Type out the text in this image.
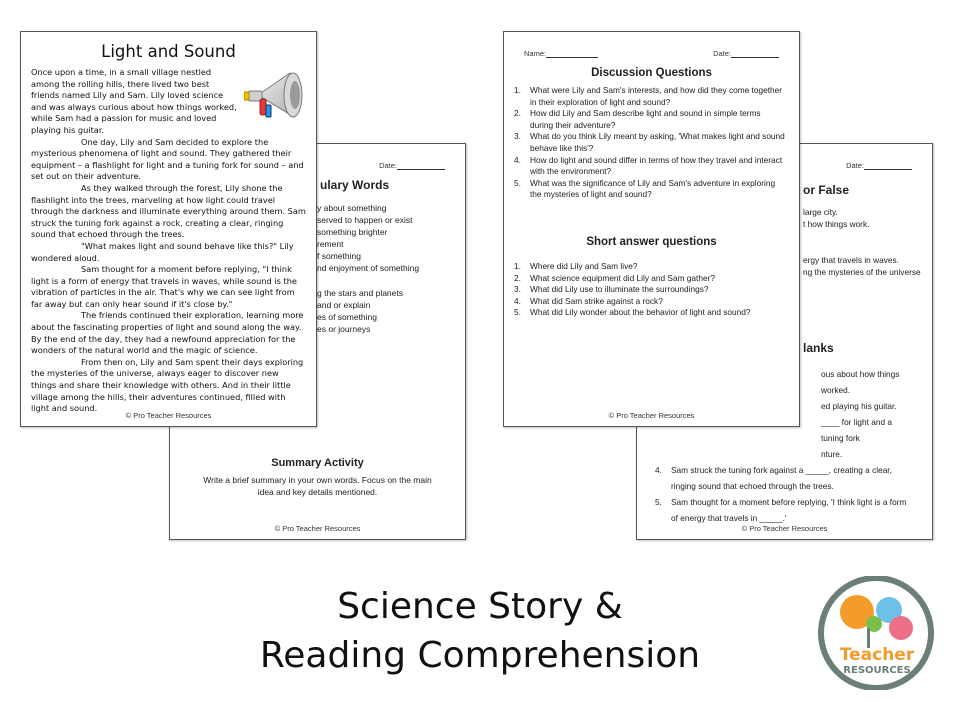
Date:
ulary Words
y about something
served to happen or exist
something brighter
rement
f something
nd enjoyment of something

g the stars and planets
and or explain
es of something
es or journeys
Summary Activity
Write a brief summary in your own words. Focus on the main idea and key details mentioned.
© Pro Teacher Resources
Date:
or False
large city.
t how things work.

ergy that travels in waves.
ng the mysteries of the universe
lanks
ous about how things worked.
ed playing his guitar.
____ for light and a tuning fork
nture.
4.	Sam struck the tuning fork against a _____, creating a clear, ringing sound that echoed through the trees.
5.	Sam thought for a moment before replying, 'I think light is a form of energy that travels in _____.'
© Pro Teacher Resources
Light and Sound

Once upon a time, in a small village nestled among the rolling hills, there lived two best friends named Lily and Sam. Lily loved science and was always curious about how things worked, while Sam had a passion for music and loved playing his guitar.

One day, Lily and Sam decided to explore the mysterious phenomena of light and sound. They gathered their equipment – a flashlight for light and a tuning fork for sound – and set out on their adventure.

As they walked through the forest, Lily shone the flashlight into the trees, marveling at how light could travel through the darkness and illuminate everything around them. Sam struck the tuning fork against a rock, creating a clear, ringing sound that echoed through the trees.

"What makes light and sound behave like this?" Lily wondered aloud.

Sam thought for a moment before replying, "I think light is a form of energy that travels in waves, while sound is the vibration of particles in the air. That's why we can see light from far away but can only hear sound if it's close by."

The friends continued their exploration, learning more about the fascinating properties of light and sound along the way. By the end of the day, they had a newfound appreciation for the wonders of the natural world and the magic of science.

From then on, Lily and Sam spent their days exploring the mysteries of the universe, always eager to discover new things and share their knowledge with others. And in their little village among the hills, their adventures continued, filled with light and sound.

© Pro Teacher Resources
Name:	Date:
Discussion Questions
1.	What were Lily and Sam's interests, and how did they come together in their exploration of light and sound?
2.	How did Lily and Sam describe light and sound in simple terms during their adventure?
3.	What do you think Lily meant by asking, 'What makes light and sound behave like this'?
4.	How do light and sound differ in terms of how they travel and interact with the environment?
5.	What was the significance of Lily and Sam's adventure in exploring the mysteries of light and sound?
Short answer questions
1.	Where did Lily and Sam live?
2.	What science equipment did Lily and Sam gather?
3.	What did Lily use to illuminate the surroundings?
4.	What did Sam strike against a rock?
5.	What did Lily wonder about the behavior of light and sound?
© Pro Teacher Resources
Science Story &
Reading Comprehension	Teacher
RESOURCES
